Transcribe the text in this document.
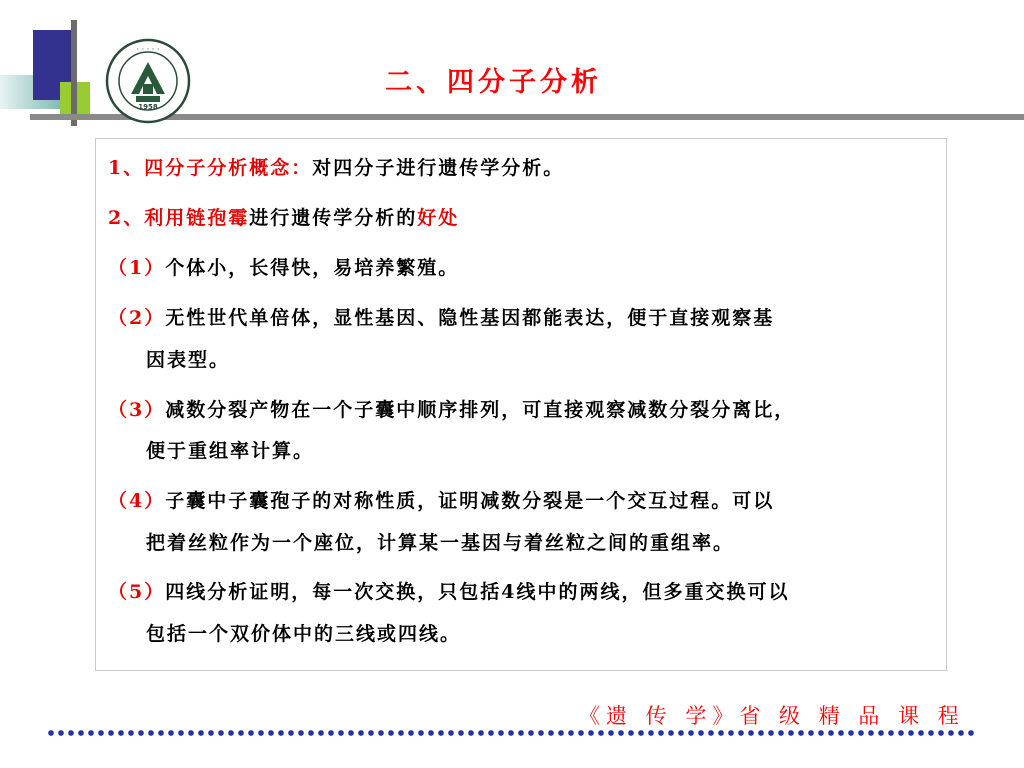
· · · · ·
1958
二、四分子分析
1、四分子分析概念：对四分子进行遗传学分析。
2、利用链孢霉进行遗传学分析的好处
（1）个体小，长得快，易培养繁殖。
（2）无性世代单倍体，显性基因、隐性基因都能表达，便于直接观察基
因表型。
（3）减数分裂产物在一个子囊中顺序排列，可直接观察减数分裂分离比，
便于重组率计算。
（4）子囊中子囊孢子的对称性质，证明减数分裂是一个交互过程。可以
把着丝粒作为一个座位，计算某一基因与着丝粒之间的重组率。
（5）四线分析证明，每一次交换，只包括4线中的两线，但多重交换可以
包括一个双价体中的三线或四线。
《遗 传 学》省 级 精 品 课 程
